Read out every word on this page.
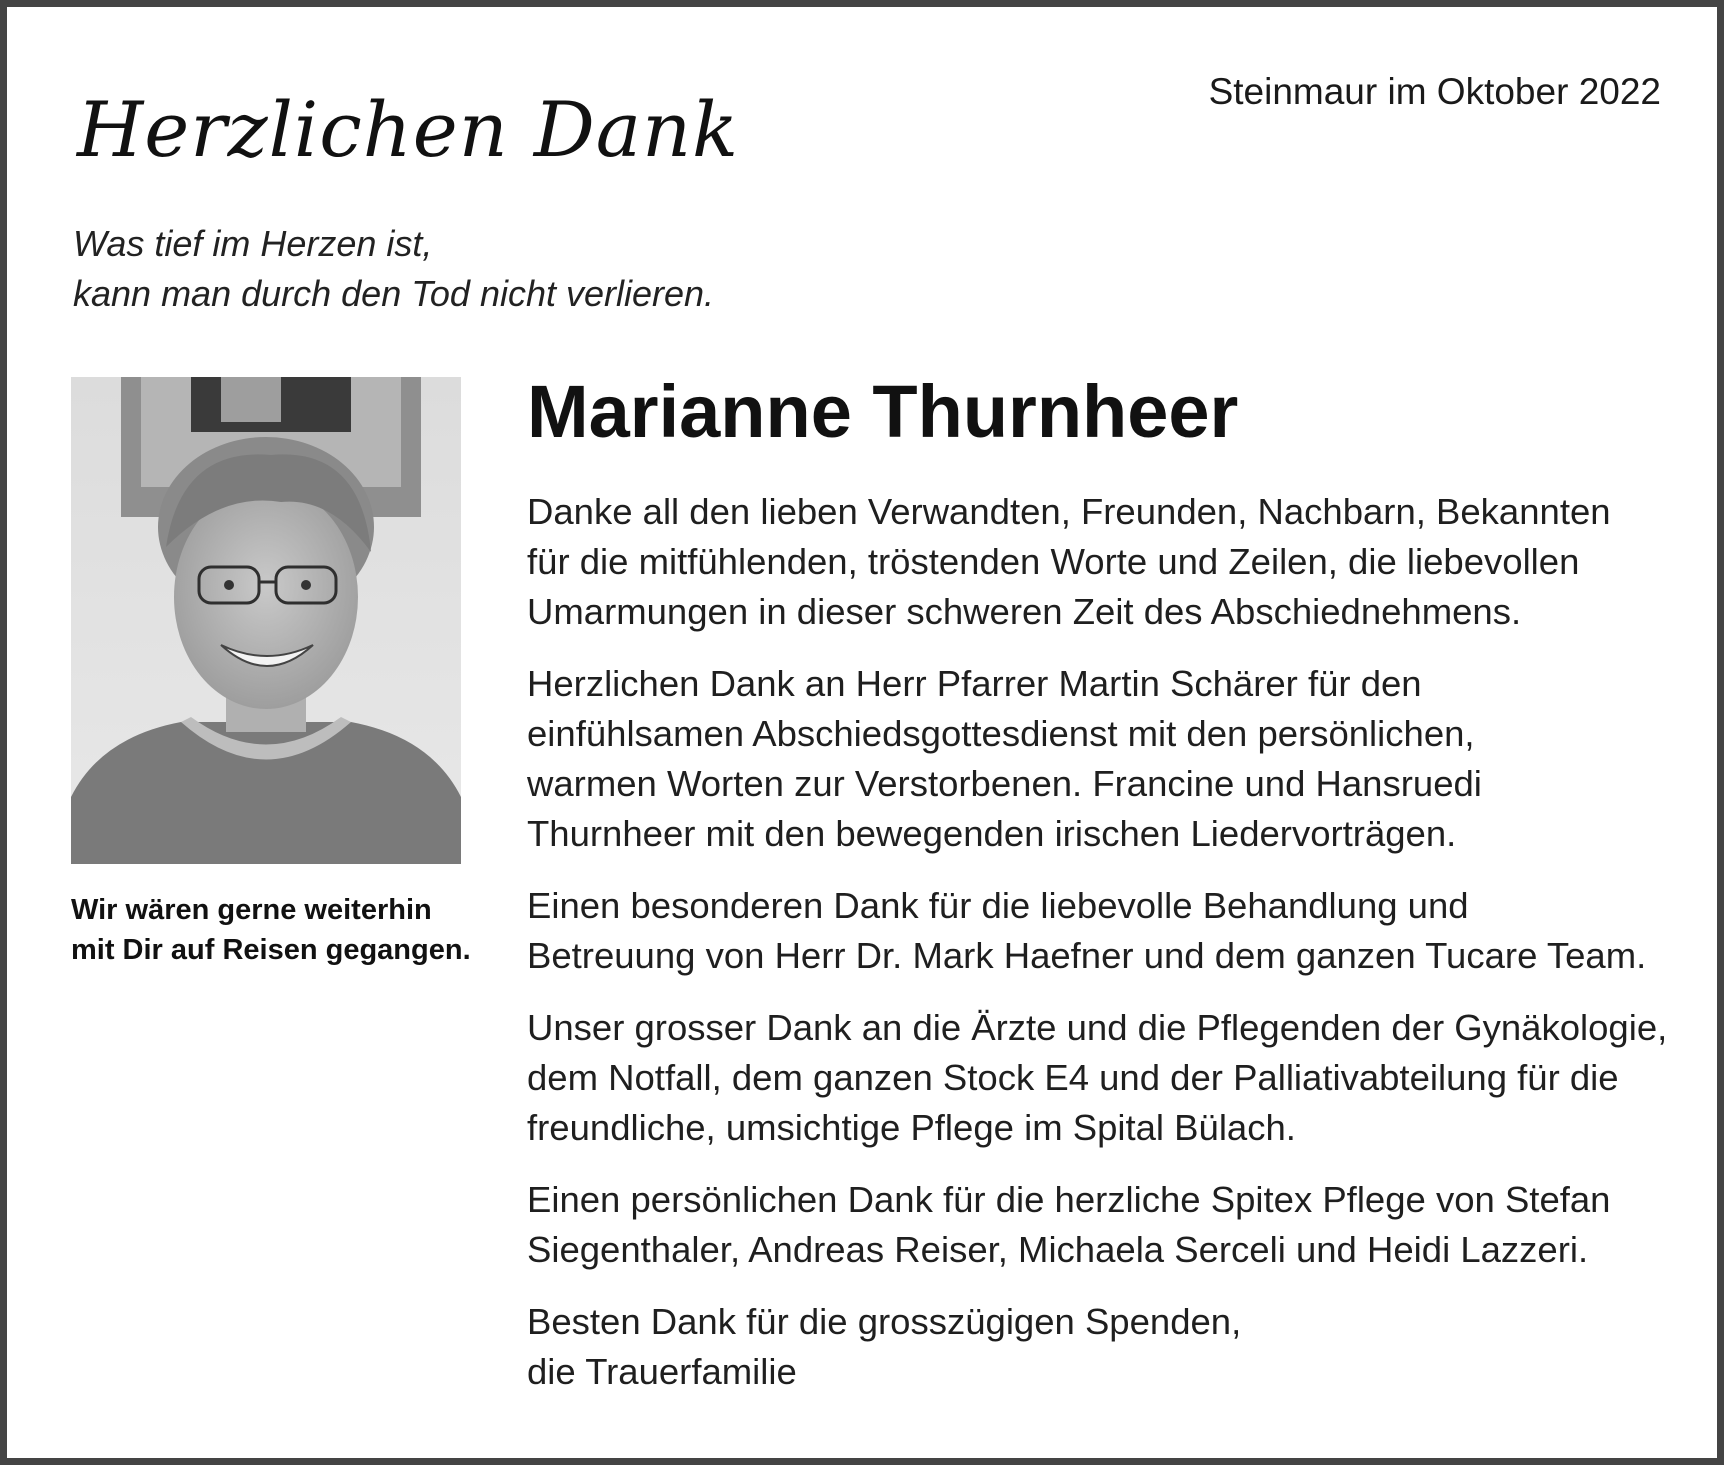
Herzlichen Dank	Steinmaur im Oktober 2022
Was tief im Herzen ist,
kann man durch den Tod nicht verlieren.
Wir wären gerne weiterhin
mit Dir auf Reisen gegangen.
Marianne Thurnheer
Danke all den lieben Verwandten, Freunden, Nachbarn, Bekannten
für die mitfühlenden, tröstenden Worte und Zeilen, die liebevollen
Umarmungen in dieser schweren Zeit des Abschiednehmens.
Herzlichen Dank an Herr Pfarrer Martin Schärer für den
einfühlsamen Abschiedsgottesdienst mit den persönlichen,
warmen Worten zur Verstorbenen. Francine und Hansruedi
Thurnheer mit den bewegenden irischen Liedervorträgen.
Einen besonderen Dank für die liebevolle Behandlung und
Betreuung von Herr Dr. Mark Haefner und dem ganzen Tucare Team.
Unser grosser Dank an die Ärzte und die Pflegenden der Gynäkologie,
dem Notfall, dem ganzen Stock E4 und der Palliativabteilung für die
freundliche, umsichtige Pflege im Spital Bülach.
Einen persönlichen Dank für die herzliche Spitex Pflege von Stefan
Siegenthaler, Andreas Reiser, Michaela Serceli und Heidi Lazzeri.
Besten Dank für die grosszügigen Spenden,
die Trauerfamilie
